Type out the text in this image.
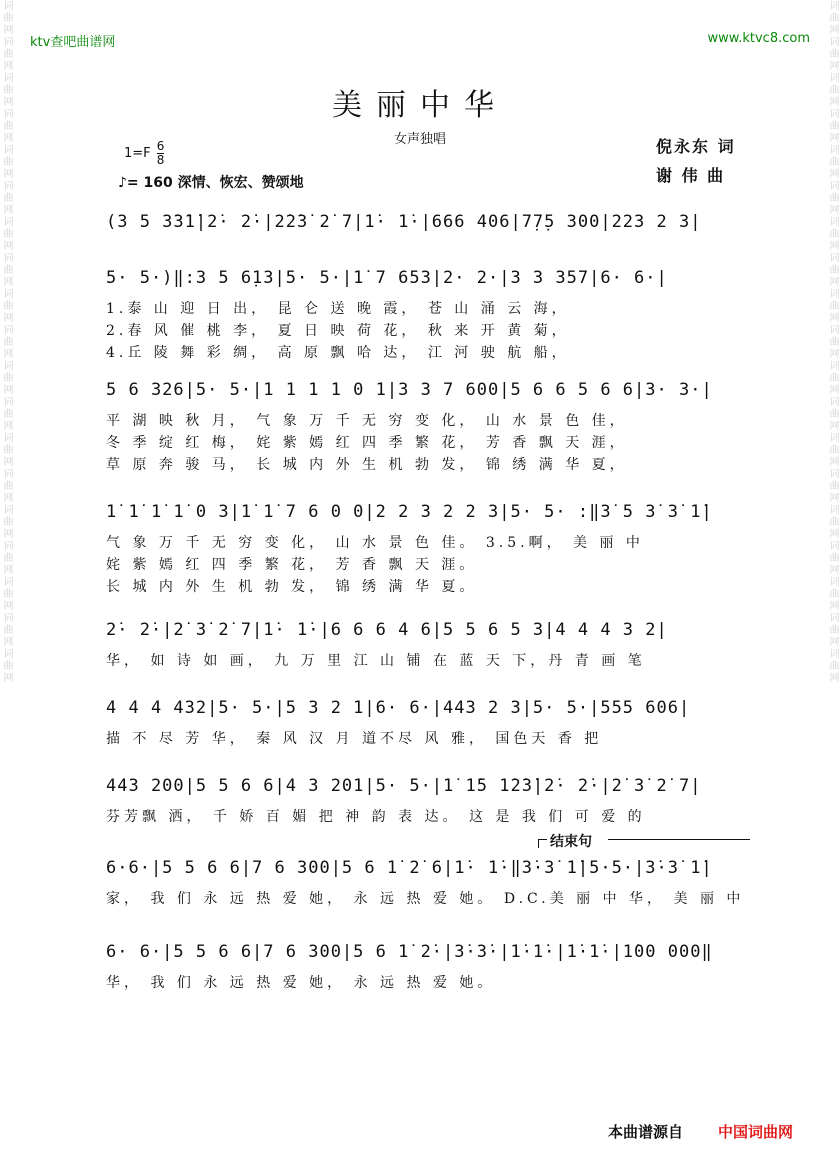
词曲网词曲网词曲网词曲网词曲网词曲网词曲网词曲网词曲网词曲网词曲网词曲网词曲网词曲网词曲网词曲网词曲网词曲网词曲网	词曲网词曲网词曲网词曲网词曲网词曲网词曲网词曲网词曲网词曲网词曲网词曲网词曲网词曲网词曲网词曲网词曲网词曲网词曲网
ktv查吧曲谱网	www.ktvc8.com
美丽中华
女声独唱
$1=F \frac{6}{8}$
♪= 160 深情、恢宏、赞颂地
倪永东 词
谢 伟 曲
(3 5 3̇3̇1̇|2̇· 2̇·|2̇2̇3̇ 2̇ 7|1̇· 1̇·|666 406|7̣7̣5 300|223 2 3|
5· 5·)‖:3 5 6̣13|5· 5·|1̇ 7 653|2· 2·|3 3 357|6· 6·|
1.泰 山 迎 日 出， 昆 仑 送 晚 霞， 苍 山 涌 云 海，
2.春 风 催 桃 李， 夏 日 映 荷 花， 秋 来 开 黄 菊，
4.丘 陵 舞 彩 绸， 高 原 飘 哈 达， 江 河 驶 航 船，
5 6 326|5· 5·|1 1 1 1 0 1|3 3 7 600|5 6 6 5 6 6|3· 3·|
平 湖 映 秋 月， 气 象 万 千 无 穷 变 化， 山 水 景 色 佳，
冬 季 绽 红 梅， 姹 紫 嫣 红 四 季 繁 花， 芳 香 飘 天 涯，
草 原 奔 骏 马， 长 城 内 外 生 机 勃 发， 锦 绣 满 华 夏，
1̇ 1̇ 1̇ 1̇ 0 3|1̇ 1̇ 7 6 0 0|2 2 3 2 2 3|5· 5· :‖3̇ 5 3̇ 3̇ 1̇|
气 象 万 千 无 穷 变 化， 山 水 景 色 佳。 3.5.啊， 美 丽 中
姹 紫 嫣 红 四 季 繁 花， 芳 香 飘 天 涯。
长 城 内 外 生 机 勃 发， 锦 绣 满 华 夏。
2̇· 2̇·|2̇ 3̇ 2̇ 7|1̇· 1̇·|6 6 6 4 6|5 5 6 5 3|4 4 4 3 2|
华， 如 诗 如 画， 九 万 里 江 山 铺 在 蓝 天 下，丹 青 画 笔
4 4 4 432|5· 5·|5 3 2 1|6· 6·|443 2 3|5· 5·|555 606|
描 不 尽 芳 华， 秦 风 汉 月 道不尽 风 雅， 国色天 香 把
443 200|5 5 6 6|4 3 201|5· 5·|1̇ 1̇5 1̇2̇3̇|2̇· 2̇·|2̇ 3̇ 2̇ 7|
芬芳飘 洒， 千 娇 百 媚 把 神 韵 表 达。 这 是 我 们 可 爱 的
6·6·|5 5 6 6|7 6 300|5 6 1̇ 2̇ 6|1̇· 1̇·‖3̇·3̇ 1̇|5·5·|3̇·3̇ 1̇|
家， 我 们 永 远 热 爱 她， 永 远 热 爱 她。 D.C.美 丽 中 华， 美 丽 中
6· 6·|5 5 6 6|7 6 300|5 6 1̇ 2̇·|3̇·3̇·|1̇·1̇·|1̇·1̇·|1̇00 000‖
华， 我 们 永 远 热 爱 她， 永 远 热 爱 她。
结束句
本曲谱源自 中国词曲网
